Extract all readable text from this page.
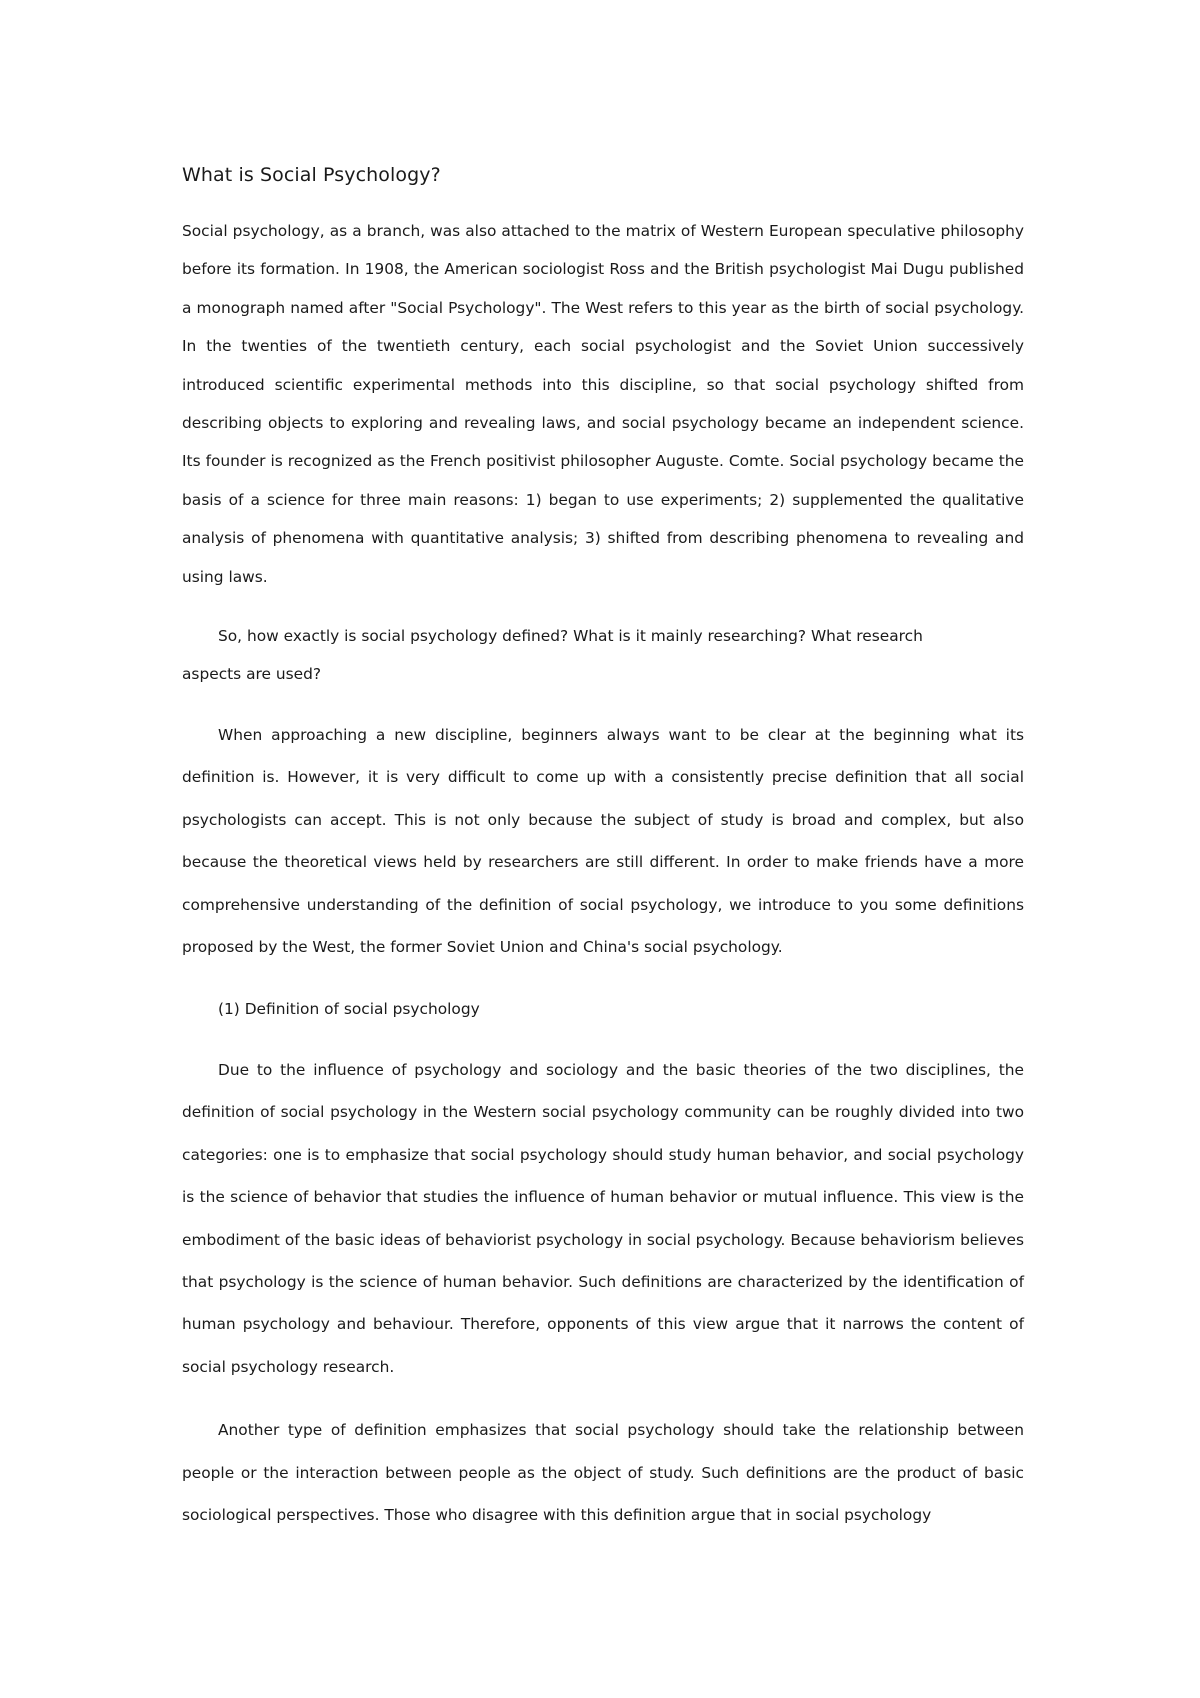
What is Social Psychology?

Social psychology, as a branch, was also attached to the matrix of Western European speculative philosophy before its formation. In 1908, the American sociologist Ross and the British psychologist Mai Dugu published a monograph named after "Social Psychology". The West refers to this year as the birth of social psychology. In the twenties of the twentieth century, each social psychologist and the Soviet Union successively introduced scientific experimental methods into this discipline, so that social psychology shifted from describing objects to exploring and revealing laws, and social psychology became an independent science. Its founder is recognized as the French positivist philosopher Auguste. Comte. Social psychology became the basis of a science for three main reasons: 1) began to use experiments; 2) supplemented the qualitative analysis of phenomena with quantitative analysis; 3) shifted from describing phenomena to revealing and using laws.

So, how exactly is social psychology defined? What is it mainly researching? What research aspects are used?

When approaching a new discipline, beginners always want to be clear at the beginning what its definition is. However, it is very difficult to come up with a consistently precise definition that all social psychologists can accept. This is not only because the subject of study is broad and complex, but also because the theoretical views held by researchers are still different. In order to make friends have a more comprehensive understanding of the definition of social psychology, we introduce to you some definitions proposed by the West, the former Soviet Union and China's social psychology.

(1) Definition of social psychology

Due to the influence of psychology and sociology and the basic theories of the two disciplines, the definition of social psychology in the Western social psychology community can be roughly divided into two categories: one is to emphasize that social psychology should study human behavior, and social psychology is the science of behavior that studies the influence of human behavior or mutual influence. This view is the embodiment of the basic ideas of behaviorist psychology in social psychology. Because behaviorism believes that psychology is the science of human behavior. Such definitions are characterized by the identification of human psychology and behaviour. Therefore, opponents of this view argue that it narrows the content of social psychology research.

Another type of definition emphasizes that social psychology should take the relationship between people or the interaction between people as the object of study. Such definitions are the product of basic sociological perspectives. Those who disagree with this definition argue that in social psychology
